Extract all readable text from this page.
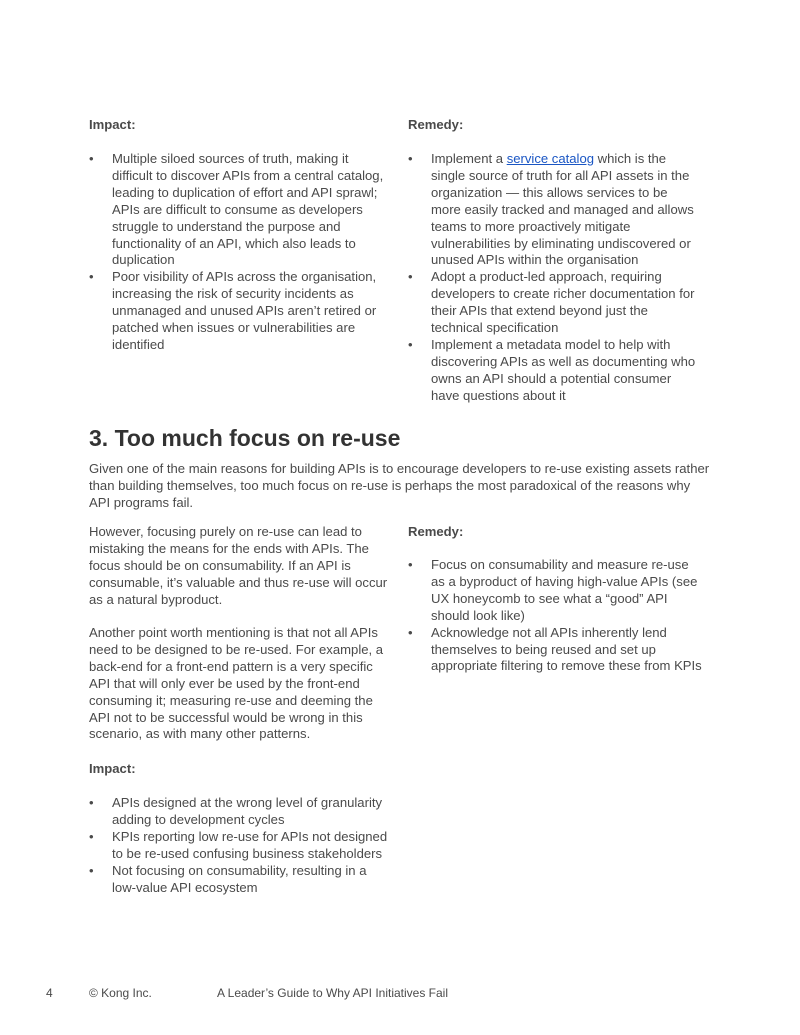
Impact:
• Multiple siloed sources of truth, making it difficult to discover APIs from a central catalog, leading to duplication of effort and API sprawl; APIs are difficult to consume as developers struggle to understand the purpose and functionality of an API, which also leads to duplication
• Poor visibility of APIs across the organisation, increasing the risk of security incidents as unmanaged and unused APIs aren’t retired or patched when issues or vulnerabilities are identified
Remedy:
• Implement a service catalog which is the single source of truth for all API assets in the organization — this allows services to be more easily tracked and managed and allows teams to more proactively mitigate vulnerabilities by eliminating undiscovered or unused APIs within the organisation
• Adopt a product-led approach, requiring developers to create richer documentation for their APIs that extend beyond just the technical specification
• Implement a metadata model to help with discovering APIs as well as documenting who owns an API should a potential consumer have questions about it
3. Too much focus on re-use
Given one of the main reasons for building APIs is to encourage developers to re-use existing assets rather than building themselves, too much focus on re-use is perhaps the most paradoxical of the reasons why API programs fail.
However, focusing purely on re-use can lead to mistaking the means for the ends with APIs. The focus should be on consumability. If an API is consumable, it’s valuable and thus re-use will occur as a natural byproduct.
Another point worth mentioning is that not all APIs need to be designed to be re-used. For example, a back-end for a front-end pattern is a very specific API that will only ever be used by the front-end consuming it; measuring re-use and deeming the API not to be successful would be wrong in this scenario, as with many other patterns.
Impact:
• APIs designed at the wrong level of granularity adding to development cycles
• KPIs reporting low re-use for APIs not designed to be re-used confusing business stakeholders
• Not focusing on consumability, resulting in a low-value API ecosystem
Remedy:
• Focus on consumability and measure re-use as a byproduct of having high-value APIs (see UX honeycomb to see what a “good” API should look like)
• Acknowledge not all APIs inherently lend themselves to being reused and set up appropriate filtering to remove these from KPIs
4	© Kong Inc.	A Leader’s Guide to Why API Initiatives Fail
